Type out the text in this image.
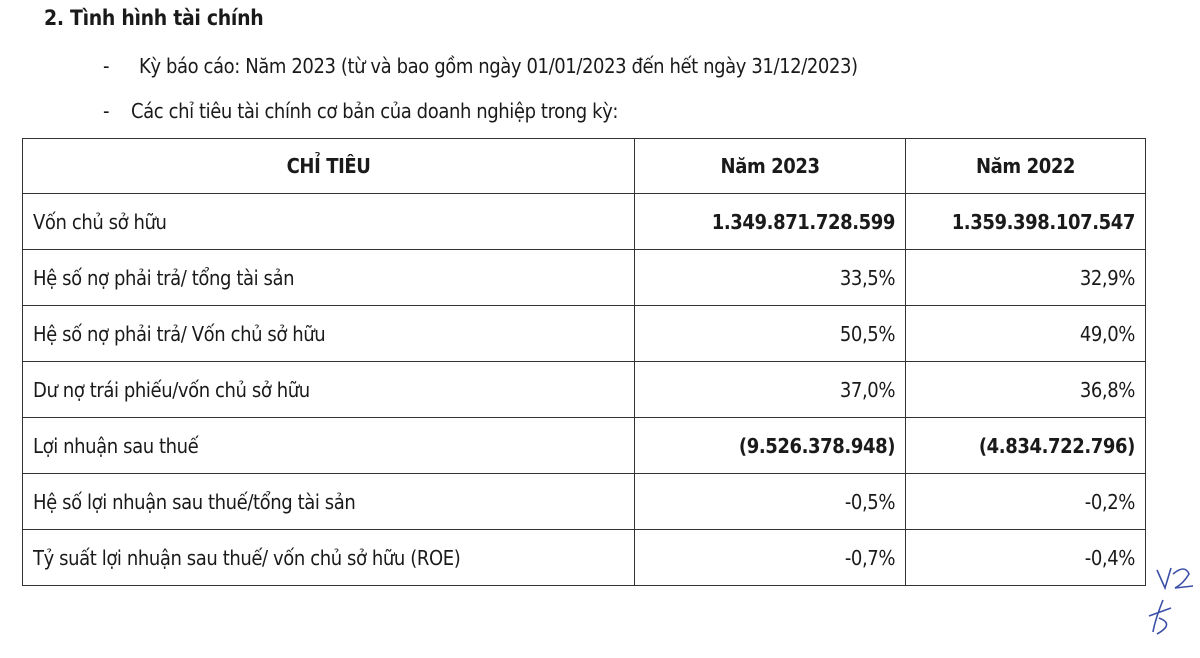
2. Tình hình tài chính
- Kỳ báo cáo: Năm 2023 (từ và bao gồm ngày 01/01/2023 đến hết ngày 31/12/2023)
- Các chỉ tiêu tài chính cơ bản của doanh nghiệp trong kỳ:
CHỈ TIÊU	Năm 2023	Năm 2022
Vốn chủ sở hữu	1.349.871.728.599	1.359.398.107.547
Hệ số nợ phải trả/ tổng tài sản	33,5%	32,9%
Hệ số nợ phải trả/ Vốn chủ sở hữu	50,5%	49,0%
Dư nợ trái phiếu/vốn chủ sở hữu	37,0%	36,8%
Lợi nhuận sau thuế	(9.526.378.948)	(4.834.722.796)
Hệ số lợi nhuận sau thuế/tổng tài sản	-0,5%	-0,2%
Tỷ suất lợi nhuận sau thuế/ vốn chủ sở hữu (ROE)	-0,7%	-0,4%
